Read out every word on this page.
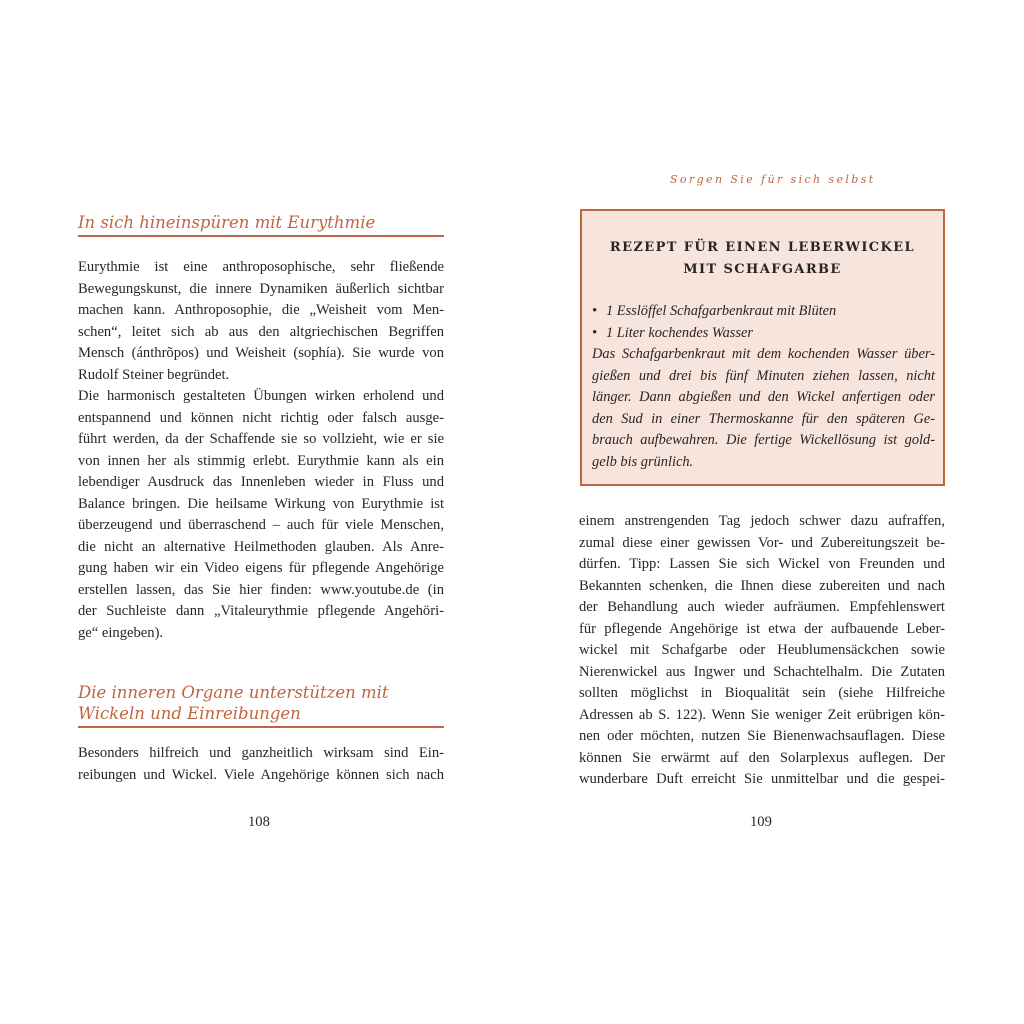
Sorgen Sie für sich selbst
In sich hineinspüren mit Eurythmie
Eurythmie ist eine anthroposophische, sehr fließende
Bewegungskunst, die innere Dynamiken äußerlich sichtbar
machen kann. Anthroposophie, die „Weisheit vom Men-
schen“, leitet sich ab aus den altgriechischen Begriffen
Mensch (ánthrõpos) und Weisheit (sophía). Sie wurde von
Rudolf Steiner begründet.
Die harmonisch gestalteten Übungen wirken erholend und
entspannend und können nicht richtig oder falsch ausge-
führt werden, da der Schaffende sie so vollzieht, wie er sie
von innen her als stimmig erlebt. Eurythmie kann als ein
lebendiger Ausdruck das Innenleben wieder in Fluss und
Balance bringen. Die heilsame Wirkung von Eurythmie ist
überzeugend und überraschend – auch für viele Menschen,
die nicht an alternative Heilmethoden glauben. Als Anre-
gung haben wir ein Video eigens für pflegende Angehörige
erstellen lassen, das Sie hier finden: www.youtube.de (in
der Suchleiste dann „Vitaleurythmie pflegende Angehöri-
ge“ eingeben).
Die inneren Organe unterstützen mit
Wickeln und Einreibungen
Besonders hilfreich und ganzheitlich wirksam sind Ein-
reibungen und Wickel. Viele Angehörige können sich nach
108
REZEPT FÜR EINEN LEBERWICKEL
MIT SCHAFGARBE
• 1 Esslöffel Schafgarbenkraut mit Blüten
• 1 Liter kochendes Wasser
Das Schafgarbenkraut mit dem kochenden Wasser über-
gießen und drei bis fünf Minuten ziehen lassen, nicht
länger. Dann abgießen und den Wickel anfertigen oder
den Sud in einer Thermoskanne für den späteren Ge-
brauch aufbewahren. Die fertige Wickellösung ist gold-
gelb bis grünlich.
einem anstrengenden Tag jedoch schwer dazu aufraffen,
zumal diese einer gewissen Vor- und Zubereitungszeit be-
dürfen. Tipp: Lassen Sie sich Wickel von Freunden und
Bekannten schenken, die Ihnen diese zubereiten und nach
der Behandlung auch wieder aufräumen. Empfehlenswert
für pflegende Angehörige ist etwa der aufbauende Leber-
wickel mit Schafgarbe oder Heublumensäckchen sowie
Nierenwickel aus Ingwer und Schachtelhalm. Die Zutaten
sollten möglichst in Bioqualität sein (siehe Hilfreiche
Adressen ab S. 122). Wenn Sie weniger Zeit erübrigen kön-
nen oder möchten, nutzen Sie Bienenwachsauflagen. Diese
können Sie erwärmt auf den Solarplexus auflegen. Der
wunderbare Duft erreicht Sie unmittelbar und die gespei-
109
